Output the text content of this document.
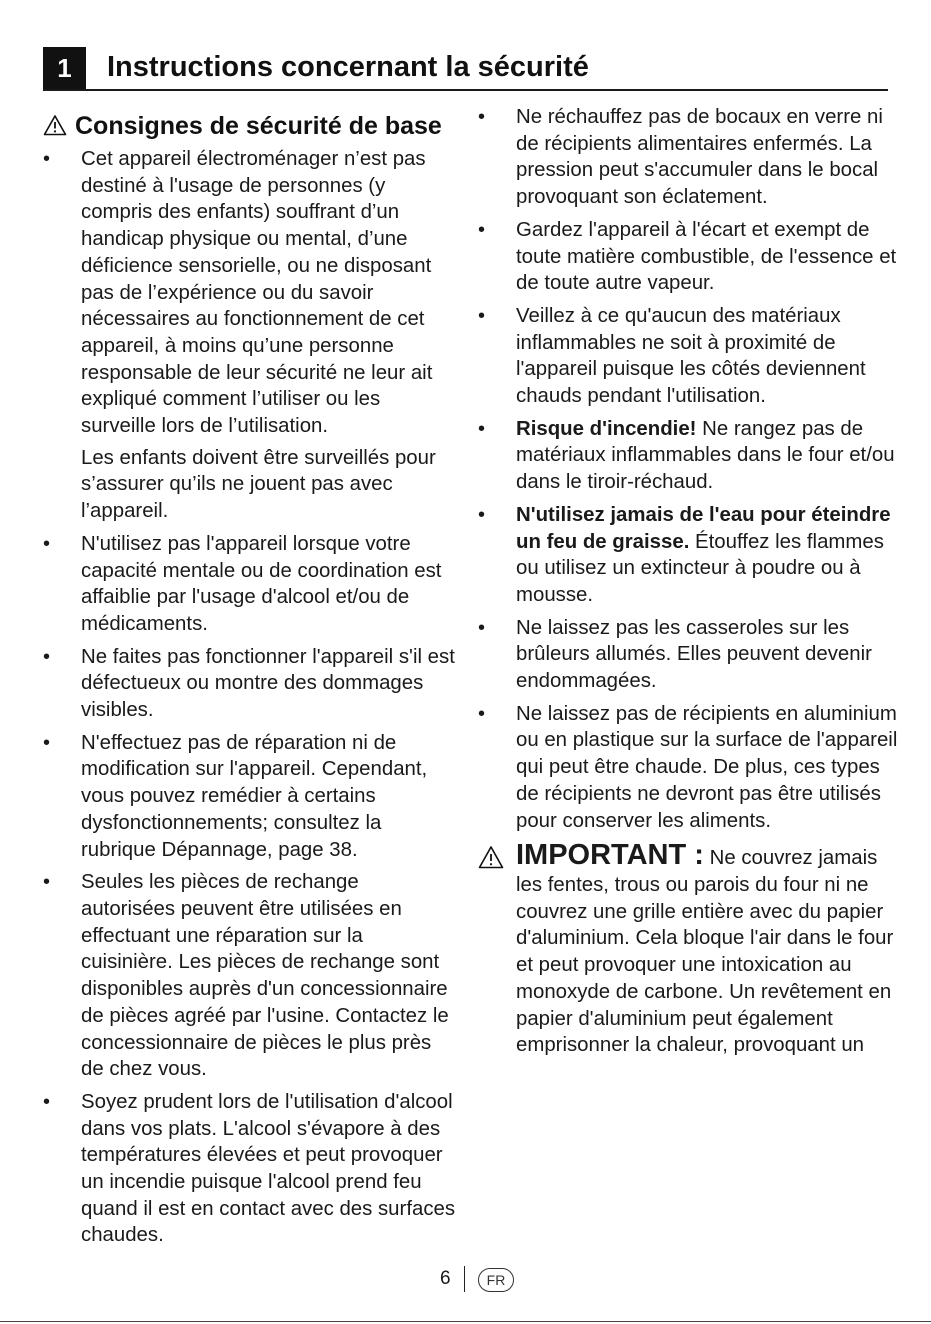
1	Instructions concernant la sécurité
Consignes de sécurité de base
• Cet appareil électroménager n’est pas destiné à l'usage de personnes (y compris des enfants) souffrant d’un handicap physique ou mental, d’une déficience sensorielle, ou ne disposant pas de l’expérience ou du savoir nécessaires au fonctionnement de cet appareil, à moins qu’une personne responsable de leur sécurité ne leur ait expliqué comment l’utiliser ou les surveille lors de l’utilisation.

Les enfants doivent être surveillés pour s’assurer qu’ils ne jouent pas avec l’appareil.

• N'utilisez pas l'appareil lorsque votre capacité mentale ou de coordination est affaiblie par l'usage d'alcool et/ou de médicaments.
• Ne faites pas fonctionner l'appareil s'il est défectueux ou montre des dommages visibles.
• N'effectuez pas de réparation ni de modification sur l'appareil. Cependant, vous pouvez remédier à certains dysfonctionnements; consultez la rubrique Dépannage, page 38.
• Seules les pièces de rechange autorisées peuvent être utilisées en effectuant une réparation sur la cuisinière. Les pièces de rechange sont disponibles auprès d'un concessionnaire de pièces agréé par l'usine. Contactez le concessionnaire de pièces le plus près de chez vous.
• Soyez prudent lors de l'utilisation d'alcool dans vos plats. L'alcool s'évapore à des températures élevées et peut provoquer un incendie puisque l'alcool prend feu quand il est en contact avec des surfaces chaudes.
• Ne réchauffez pas de bocaux en verre ni de récipients alimentaires enfermés. La pression peut s'accumuler dans le bocal provoquant son éclatement.
• Gardez l'appareil à l'écart et exempt de toute matière combustible, de l'essence et de toute autre vapeur.
• Veillez à ce qu'aucun des matériaux inflammables ne soit à proximité de l'appareil puisque les côtés deviennent chauds pendant l'utilisation.
• Risque d'incendie! Ne rangez pas de matériaux inflammables dans le four et/ou dans le tiroir-réchaud.
• N'utilisez jamais de l'eau pour éteindre un feu de graisse. Étouffez les flammes ou utilisez un extincteur à poudre ou à mousse.
• Ne laissez pas les casseroles sur les brûleurs allumés. Elles peuvent devenir endommagées.
• Ne laissez pas de récipients en aluminium ou en plastique sur la surface de l'appareil qui peut être chaude. De plus, ces types de récipients ne devront pas être utilisés pour conserver les aliments.
IMPORTANT : Ne couvrez jamais les fentes, trous ou parois du four ni ne couvrez une grille entière avec du papier d'aluminium. Cela bloque l'air dans le four et peut provoquer une intoxication au monoxyde de carbone. Un revêtement en papier d'aluminium peut également emprisonner la chaleur, provoquant un
6	FR
